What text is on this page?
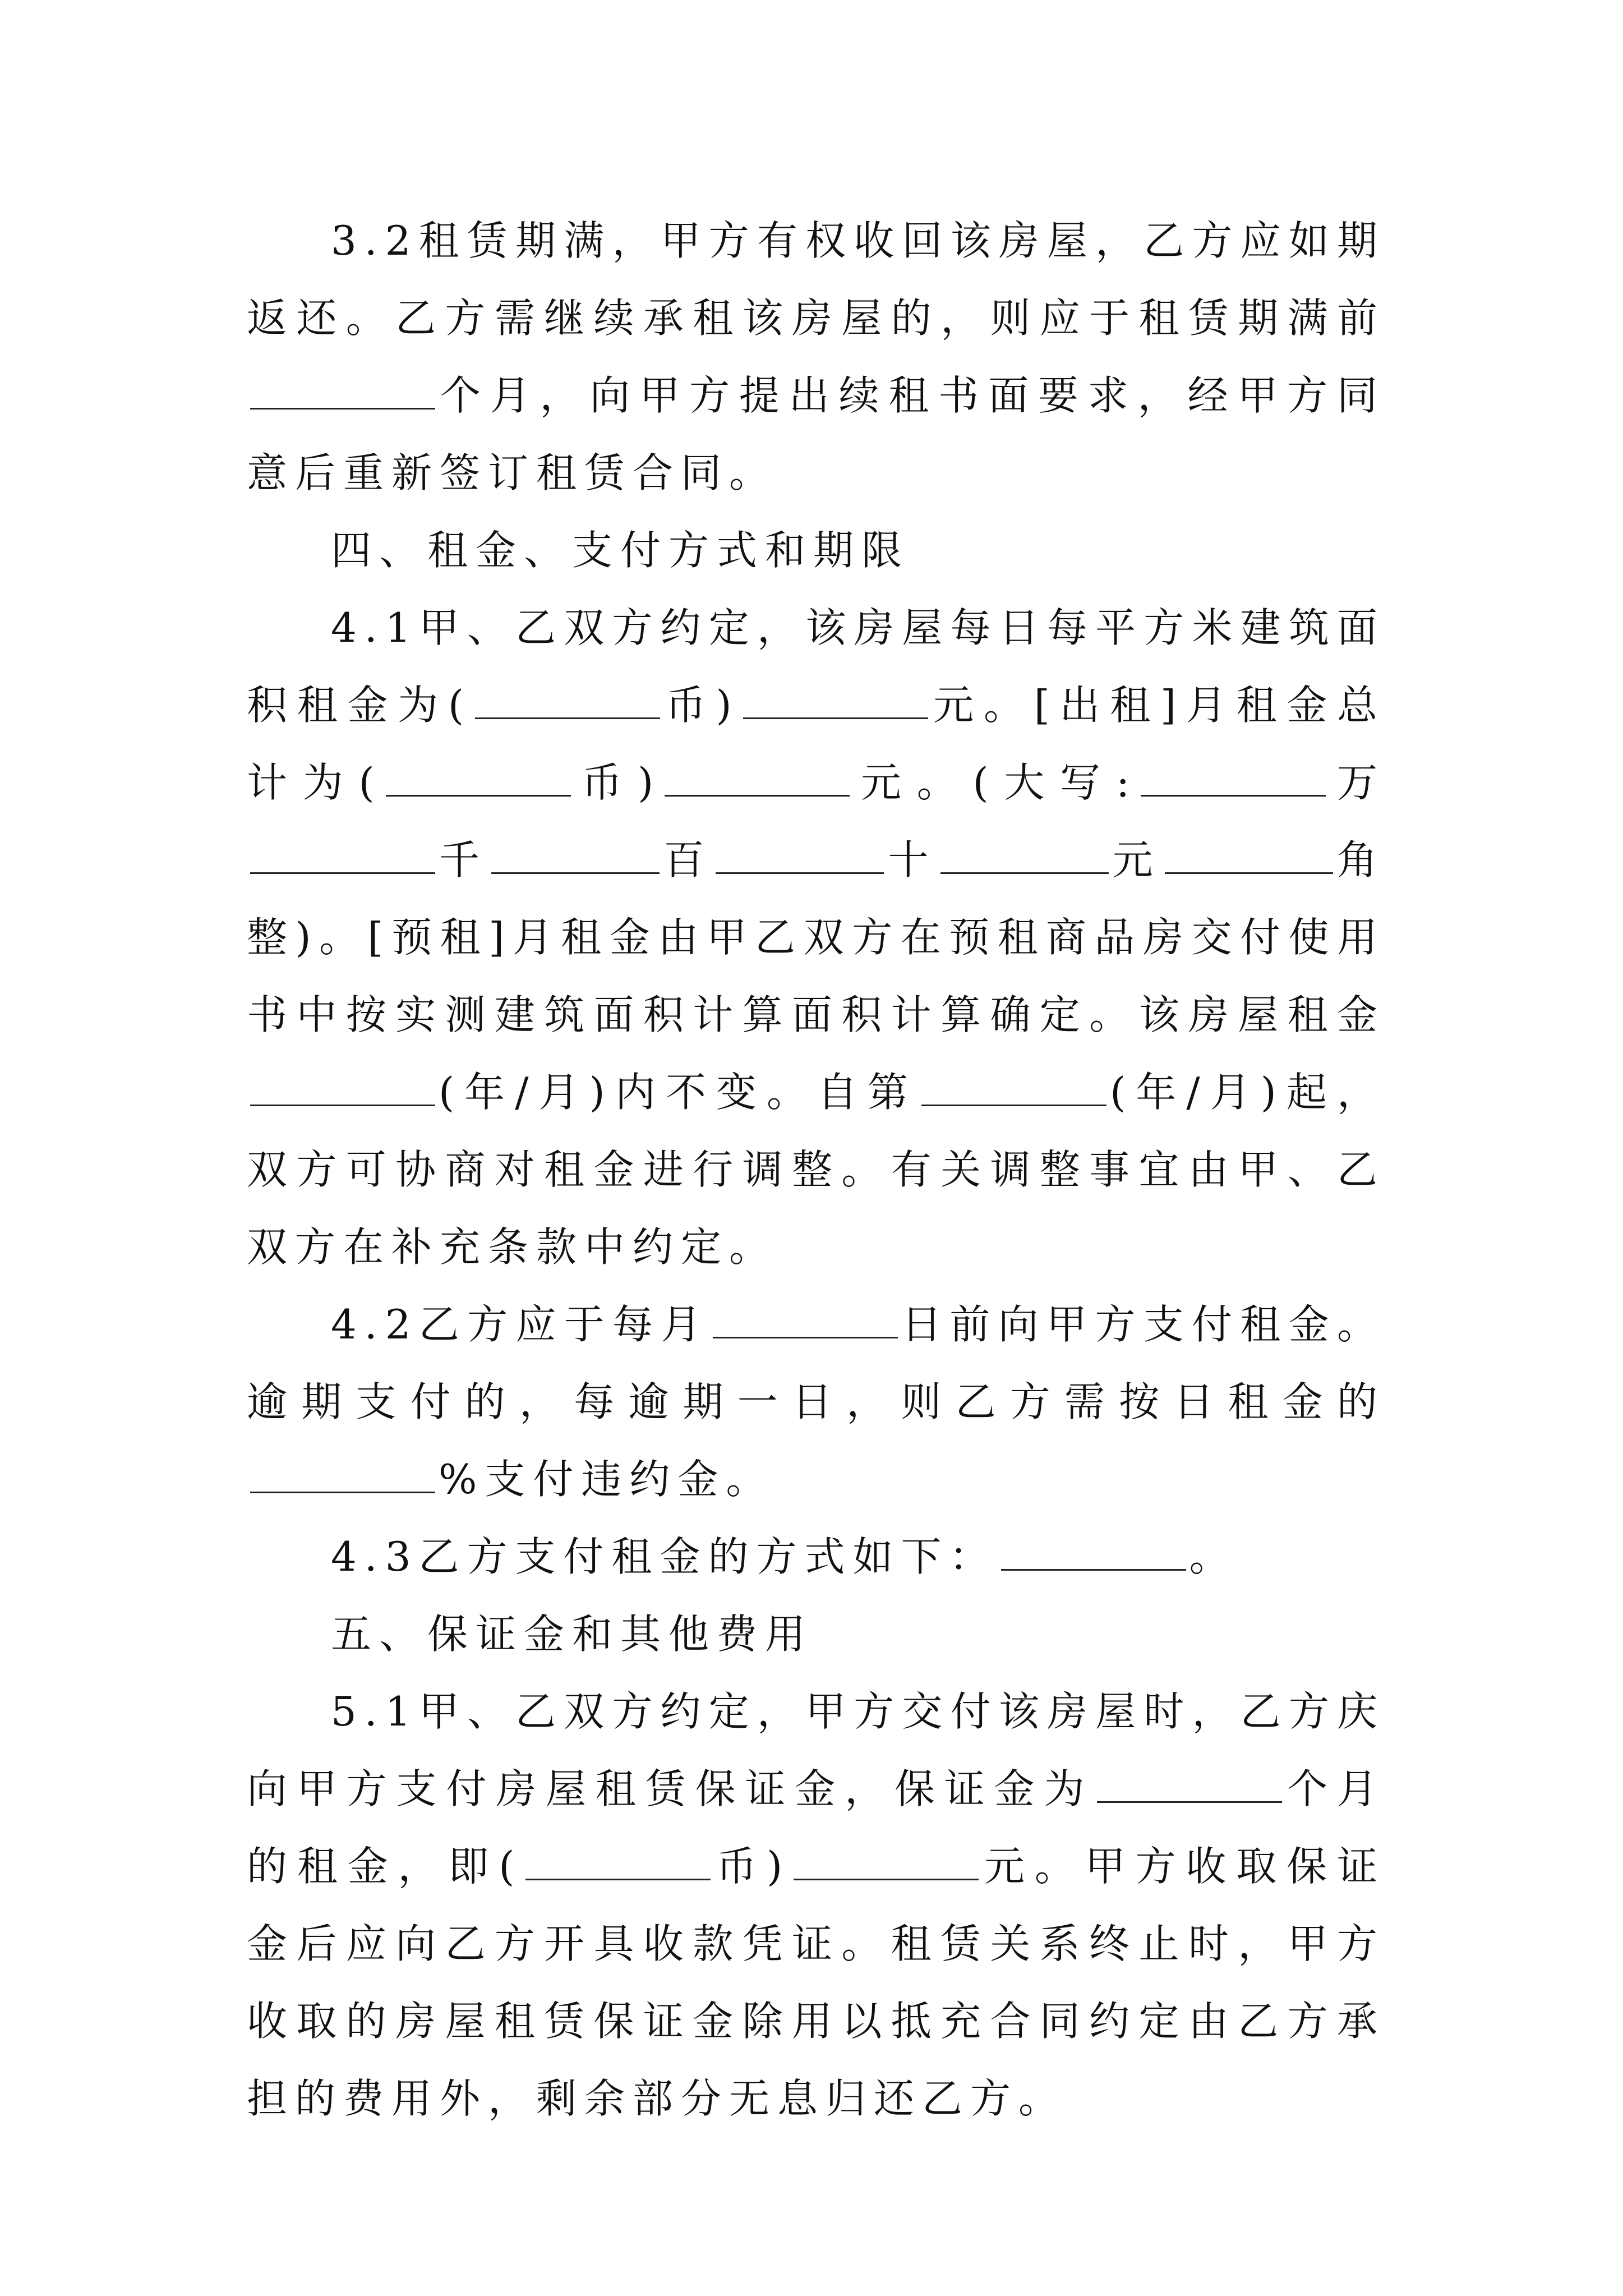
3.2租赁期满，甲方有权收回该房屋，乙方应如期返还。乙方需继续承租该房屋的，则应于租赁期满前个月，向甲方提出续租书面要求，经甲方同意后重新签订租赁合同。

四、租金、支付方式和期限

4.1甲、乙双方约定，该房屋每日每平方米建筑面积租金为(	币)	元。[出租]月租金总计为(	币)	元。(大写:	万千	百	十	元	角整)。[预租]月租金由甲乙双方在预租商品房交付使用书中按实测建筑面积计算面积计算确定。该房屋租金(年/月)内不变。自第	(年/月)起，双方可协商对租金进行调整。有关调整事宜由甲、乙双方在补充条款中约定。

4.2乙方应于每月	日前向甲方支付租金。逾期支付的，每逾期一日，则乙方需按日租金的%支付违约金。

4.3乙方支付租金的方式如下：	。

五、保证金和其他费用

5.1甲、乙双方约定，甲方交付该房屋时，乙方庆向甲方支付房屋租赁保证金，保证金为	个月的租金，即(	币)	元。甲方收取保证金后应向乙方开具收款凭证。租赁关系终止时，甲方收取的房屋租赁保证金除用以抵充合同约定由乙方承担的费用外，剩余部分无息归还乙方。
